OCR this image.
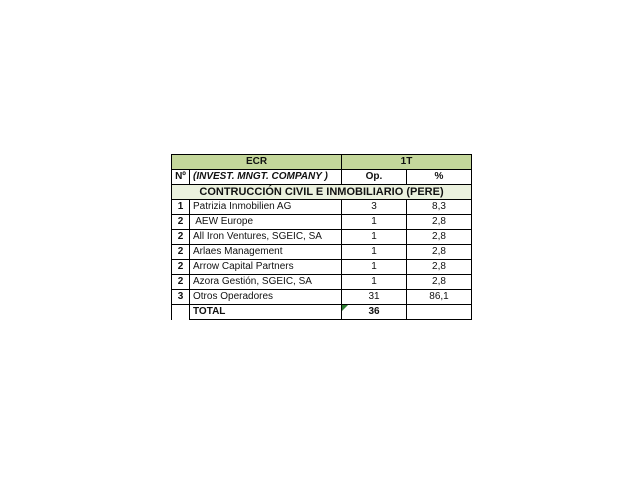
ECR		1T	
Nº	(INVEST. MNGT. COMPANY )	Op.	%
CONTRUCCIÓN CIVIL E INMOBILIARIO (PERE)			
1	Patrizia Inmobilien AG	3	8,3
2	AEW Europe	1	2,8
2	All Iron Ventures, SGEIC, SA	1	2,8
2	Arlaes Management	1	2,8
2	Arrow Capital Partners	1	2,8
2	Azora Gestión, SGEIC, SA	1	2,8
3	Otros Operadores	31	86,1
	TOTAL	36	
